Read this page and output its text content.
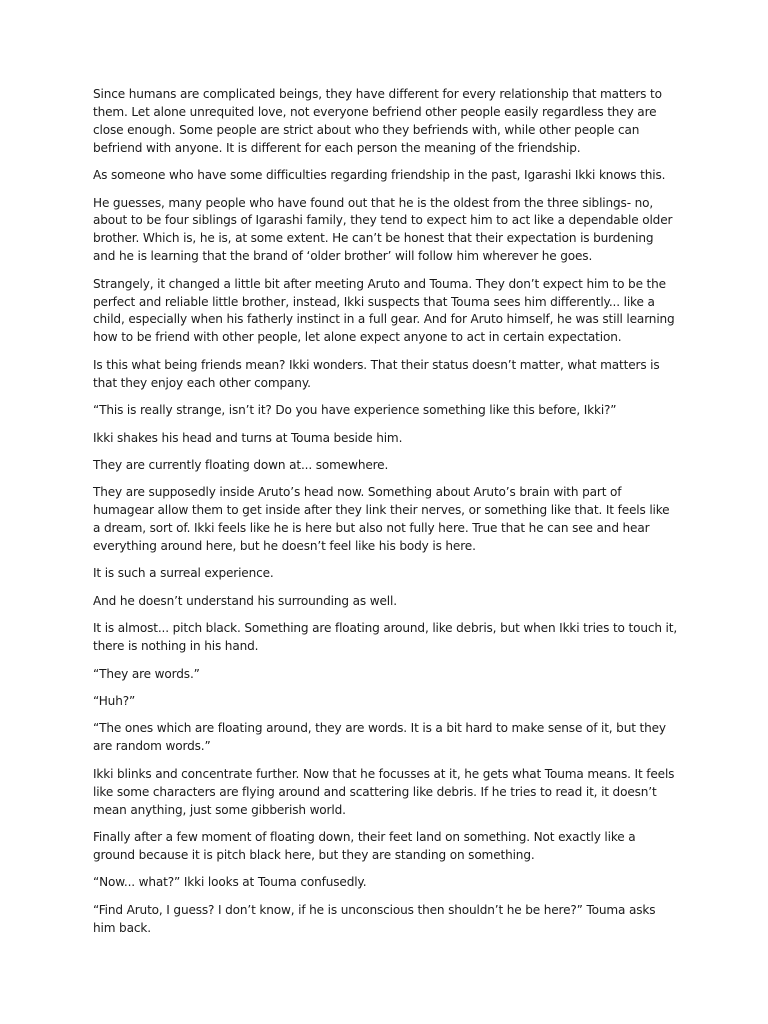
Since humans are complicated beings, they have different for every relationship that matters to them. Let alone unrequited love, not everyone befriend other people easily regardless they are close enough. Some people are strict about who they befriends with, while other people can befriend with anyone. It is different for each person the meaning of the friendship.

As someone who have some difficulties regarding friendship in the past, Igarashi Ikki knows this.

He guesses, many people who have found out that he is the oldest from the three siblings- no, about to be four siblings of Igarashi family, they tend to expect him to act like a dependable older brother. Which is, he is, at some extent. He can’t be honest that their expectation is burdening and he is learning that the brand of ‘older brother’ will follow him wherever he goes.

Strangely, it changed a little bit after meeting Aruto and Touma. They don’t expect him to be the perfect and reliable little brother, instead, Ikki suspects that Touma sees him differently... like a child, especially when his fatherly instinct in a full gear. And for Aruto himself, he was still learning how to be friend with other people, let alone expect anyone to act in certain expectation.

Is this what being friends mean? Ikki wonders. That their status doesn’t matter, what matters is that they enjoy each other company.

“This is really strange, isn’t it? Do you have experience something like this before, Ikki?”

Ikki shakes his head and turns at Touma beside him.

They are currently floating down at... somewhere.

They are supposedly inside Aruto’s head now. Something about Aruto’s brain with part of humagear allow them to get inside after they link their nerves, or something like that. It feels like a dream, sort of. Ikki feels like he is here but also not fully here. True that he can see and hear everything around here, but he doesn’t feel like his body is here.

It is such a surreal experience.

And he doesn’t understand his surrounding as well.

It is almost... pitch black. Something are floating around, like debris, but when Ikki tries to touch it, there is nothing in his hand.

“They are words.”

“Huh?”

“The ones which are floating around, they are words. It is a bit hard to make sense of it, but they are random words.”

Ikki blinks and concentrate further. Now that he focusses at it, he gets what Touma means. It feels like some characters are flying around and scattering like debris. If he tries to read it, it doesn’t mean anything, just some gibberish world.

Finally after a few moment of floating down, their feet land on something. Not exactly like a ground because it is pitch black here, but they are standing on something.

“Now... what?” Ikki looks at Touma confusedly.

“Find Aruto, I guess? I don’t know, if he is unconscious then shouldn’t he be here?” Touma asks him back.
